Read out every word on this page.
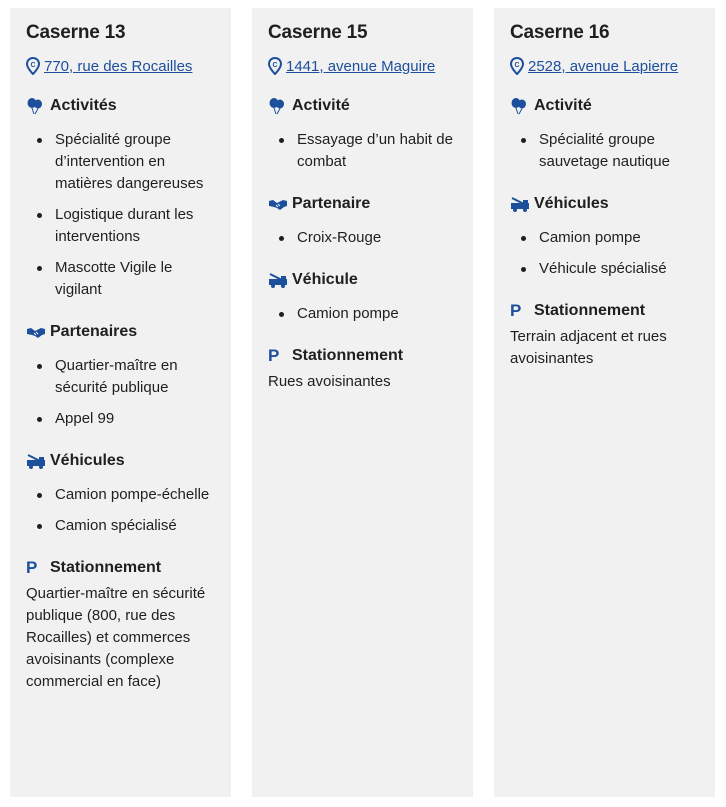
Caserne 13
C 770, rue des Rocailles
Activités
Spécialité groupe d’intervention en matières dangereuses
Logistique durant les interventions
Mascotte Vigile le vigilant
Partenaires
Quartier-maître en sécurité publique
Appel 99
Véhicules
Camion pompe-échelle
Camion spécialisé
P Stationnement
Quartier-maître en sécurité publique (800, rue des Rocailles) et commerces avoisinants (complexe commercial en face)
Caserne 15
C 1441, avenue Maguire
Activité
Essayage d’un habit de combat
Partenaire
Croix-Rouge
Véhicule
Camion pompe
P Stationnement
Rues avoisinantes
Caserne 16
C 2528, avenue Lapierre
Activité
Spécialité groupe sauvetage nautique
Véhicules
Camion pompe
Véhicule spécialisé
P Stationnement
Terrain adjacent et rues avoisinantes
